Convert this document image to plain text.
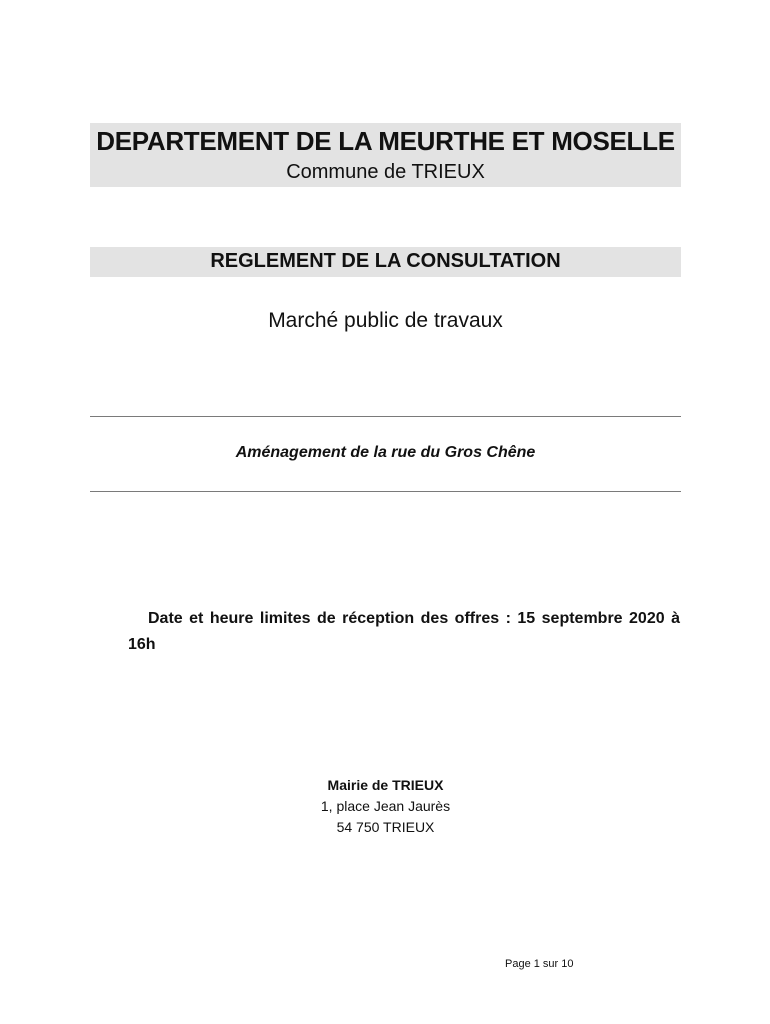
DEPARTEMENT DE LA MEURTHE ET MOSELLE
Commune de TRIEUX
REGLEMENT DE LA CONSULTATION
Marché public de travaux
Aménagement de la rue du Gros Chêne
Date et heure limites de réception des offres : 15 septembre 2020 à 16h
Mairie de TRIEUX
1, place Jean Jaurès
54 750 TRIEUX
Page 1 sur 10
